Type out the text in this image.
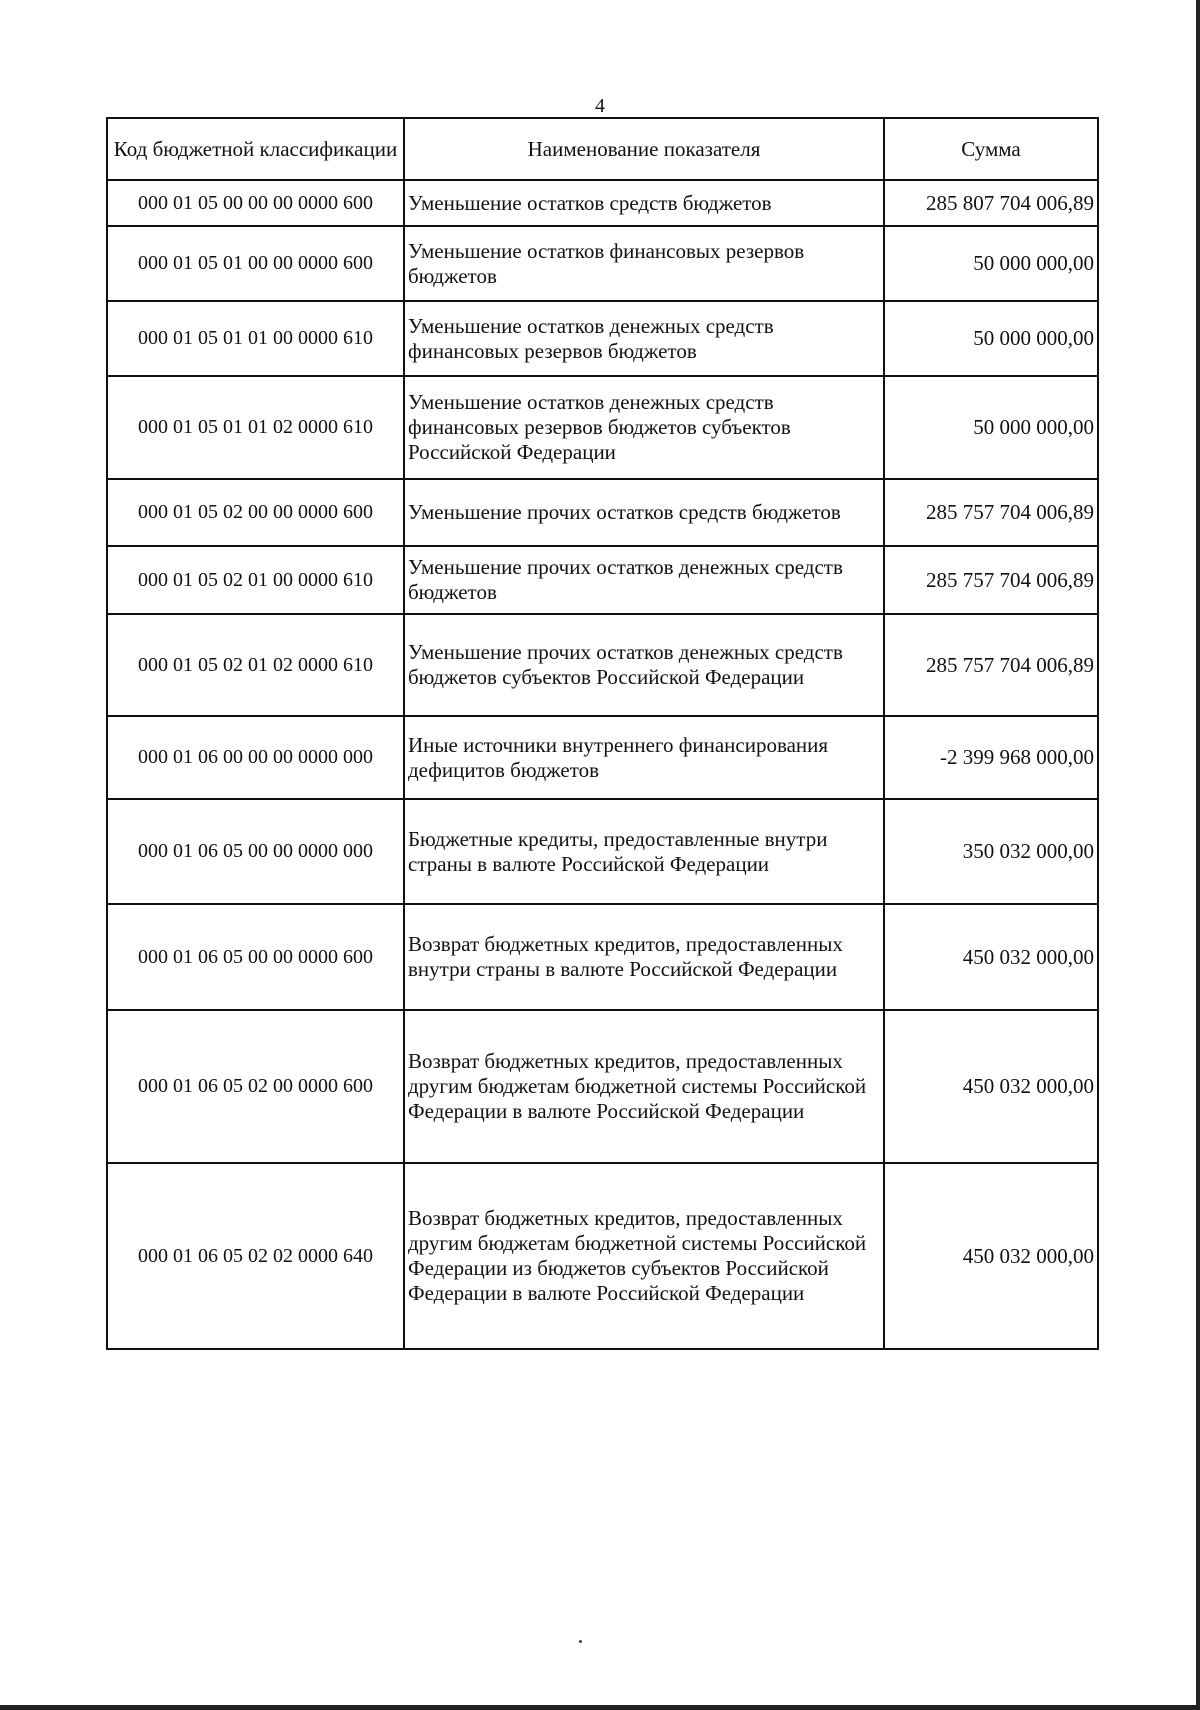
4
Код бюджетной классификации	Наименование показателя	Сумма
000 01 05 00 00 00 0000 600	Уменьшение остатков средств бюджетов	285 807 704 006,89
000 01 05 01 00 00 0000 600	Уменьшение остатков финансовых резервов бюджетов	50 000 000,00
000 01 05 01 01 00 0000 610	Уменьшение остатков денежных средств финансовых резервов бюджетов	50 000 000,00
000 01 05 01 01 02 0000 610	Уменьшение остатков денежных средств финансовых резервов бюджетов субъектов Российской Федерации	50 000 000,00
000 01 05 02 00 00 0000 600	Уменьшение прочих остатков средств бюджетов	285 757 704 006,89
000 01 05 02 01 00 0000 610	Уменьшение прочих остатков денежных средств бюджетов	285 757 704 006,89
000 01 05 02 01 02 0000 610	Уменьшение прочих остатков денежных средств бюджетов субъектов Российской Федерации	285 757 704 006,89
000 01 06 00 00 00 0000 000	Иные источники внутреннего финансирования дефицитов бюджетов	-2 399 968 000,00
000 01 06 05 00 00 0000 000	Бюджетные кредиты, предоставленные внутри страны в валюте Российской Федерации	350 032 000,00
000 01 06 05 00 00 0000 600	Возврат бюджетных кредитов, предоставленных внутри страны в валюте Российской Федерации	450 032 000,00
000 01 06 05 02 00 0000 600	Возврат бюджетных кредитов, предоставленных другим бюджетам бюджетной системы Российской Федерации в валюте Российской Федерации	450 032 000,00
000 01 06 05 02 02 0000 640	Возврат бюджетных кредитов, предоставленных другим бюджетам бюджетной системы Российской Федерации из бюджетов субъектов Российской Федерации в валюте Российской Федерации	450 032 000,00
